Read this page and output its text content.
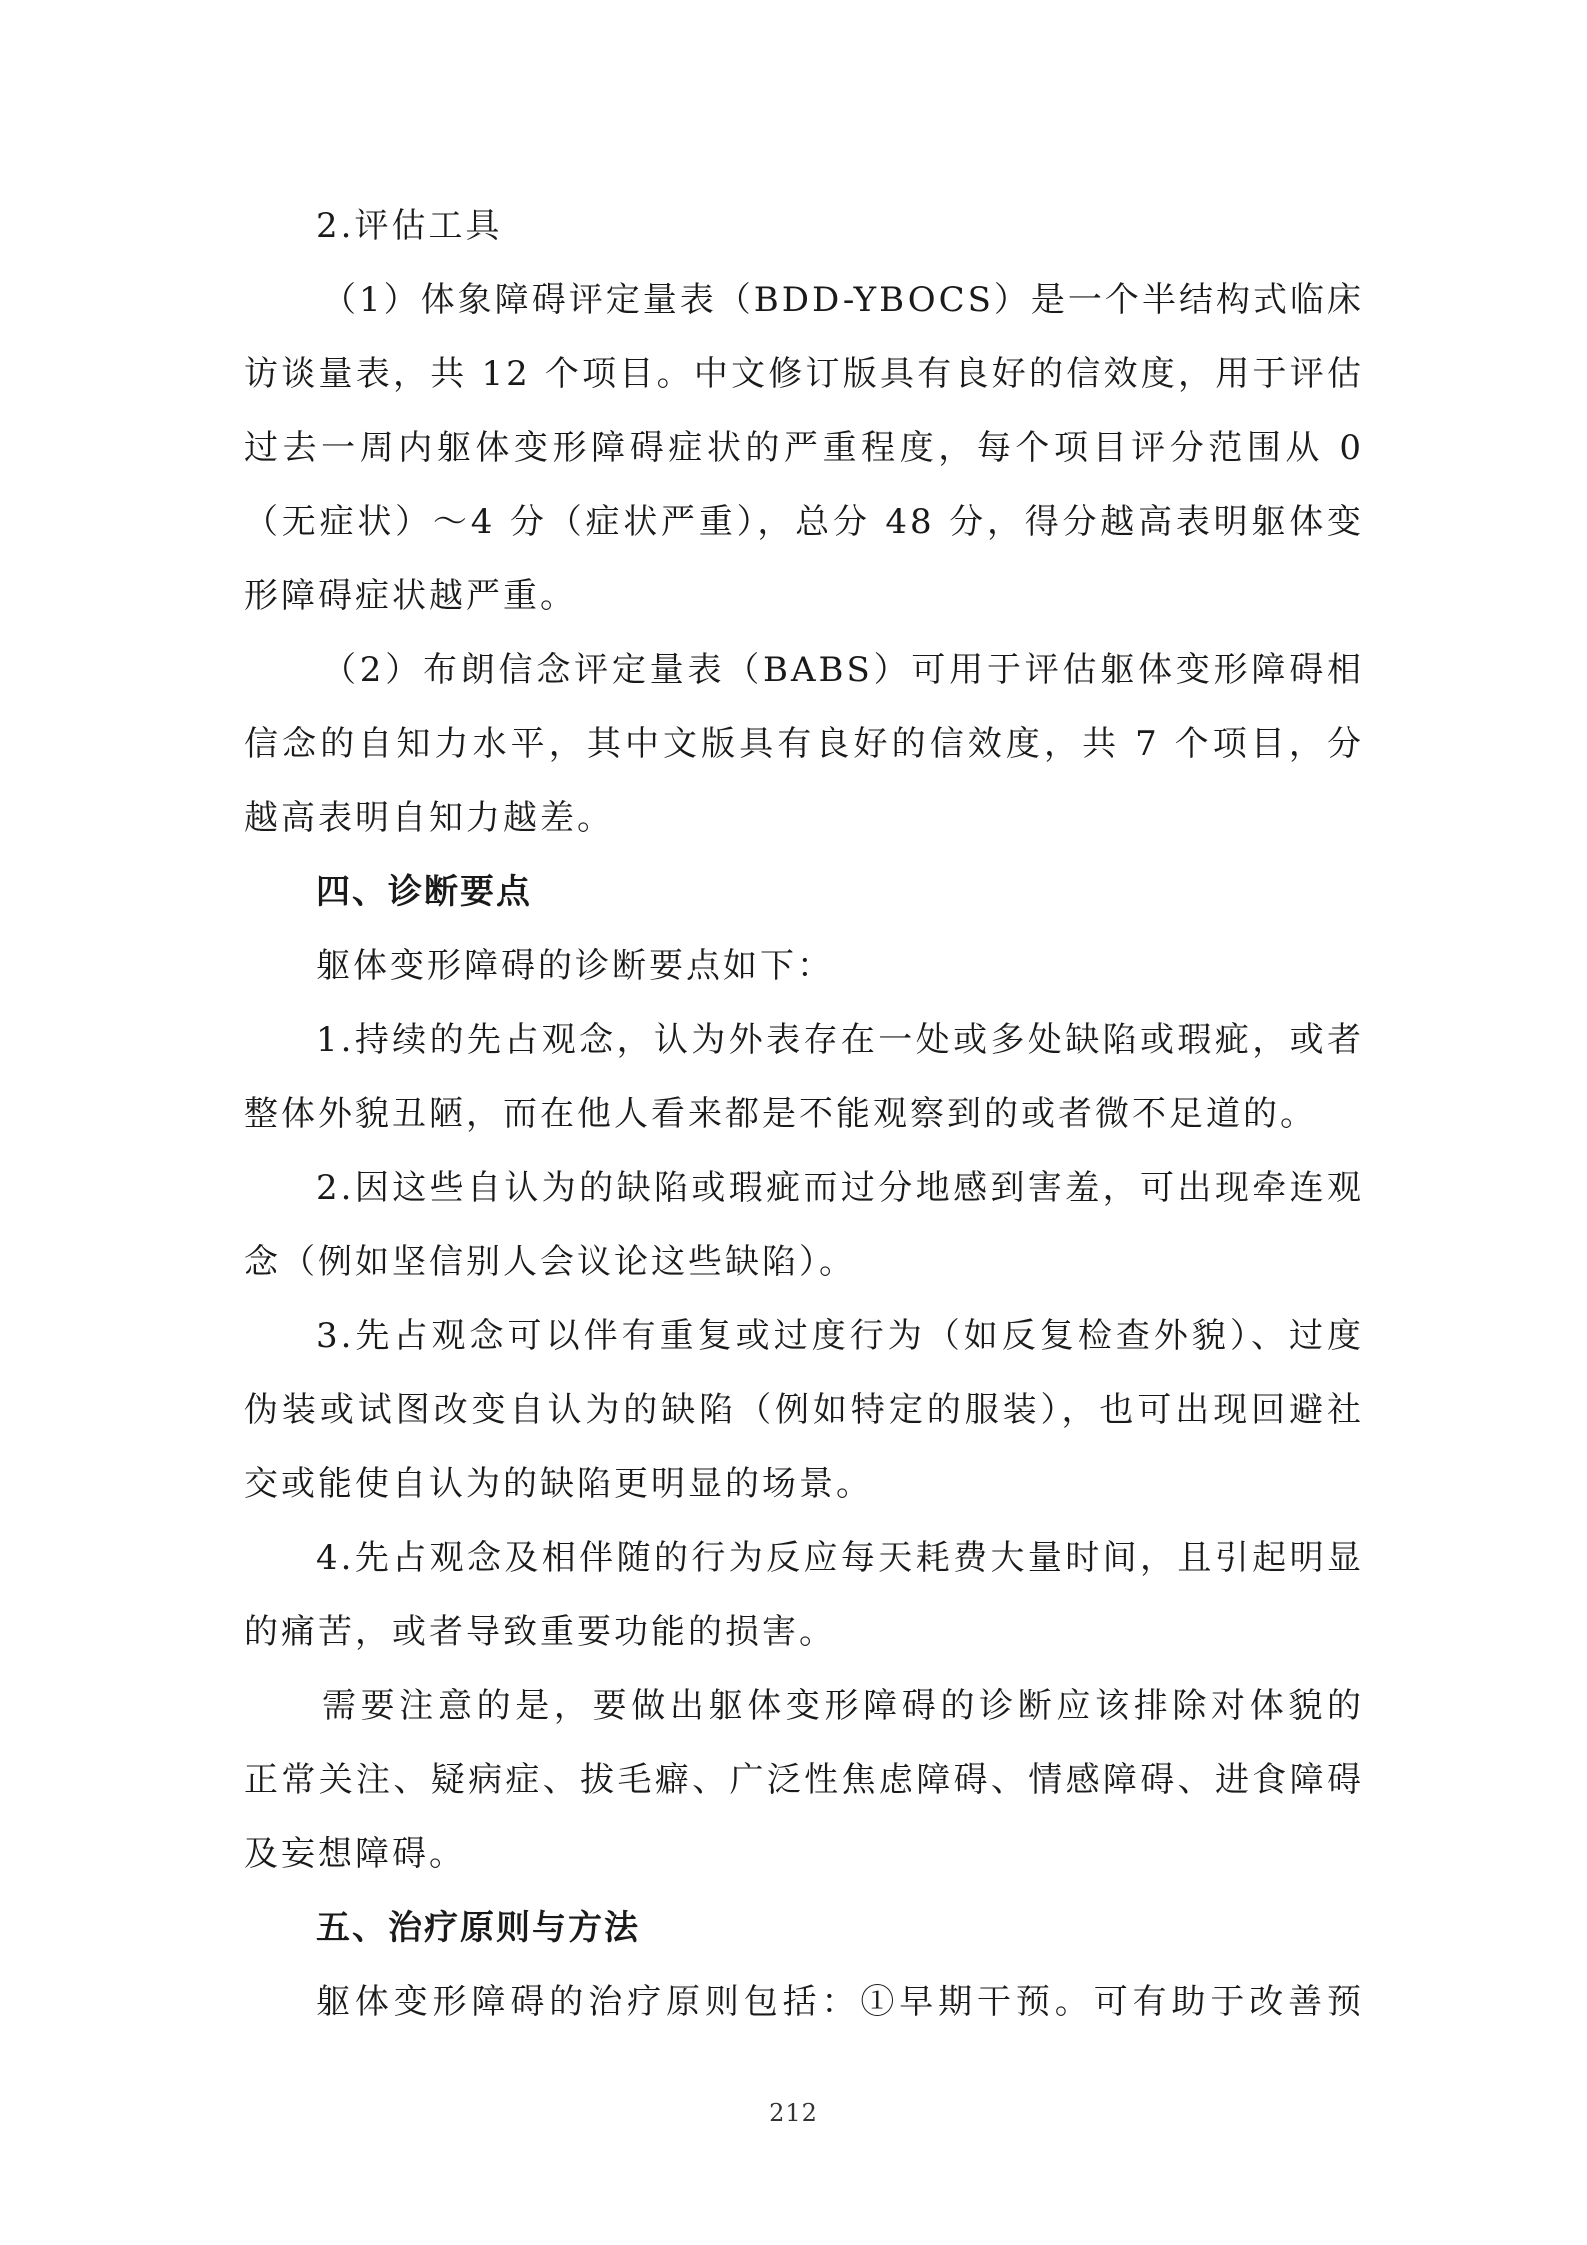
2.评估工具
（1）体象障碍评定量表（BDD-YBOCS）是一个半结构式临床
访谈量表，共 12 个项目。中文修订版具有良好的信效度，用于评估
过去一周内躯体变形障碍症状的严重程度，每个项目评分范围从 0
（无症状）～4 分（症状严重），总分 48 分，得分越高表明躯体变
形障碍症状越严重。
（2）布朗信念评定量表（BABS）可用于评估躯体变形障碍相
信念的自知力水平，其中文版具有良好的信效度，共 7 个项目，分
越高表明自知力越差。
四、诊断要点
躯体变形障碍的诊断要点如下：
1.持续的先占观念，认为外表存在一处或多处缺陷或瑕疵，或者
整体外貌丑陋，而在他人看来都是不能观察到的或者微不足道的。
2.因这些自认为的缺陷或瑕疵而过分地感到害羞，可出现牵连观
念（例如坚信别人会议论这些缺陷）。
3.先占观念可以伴有重复或过度行为（如反复检查外貌）、过度
伪装或试图改变自认为的缺陷（例如特定的服装），也可出现回避社
交或能使自认为的缺陷更明显的场景。
4.先占观念及相伴随的行为反应每天耗费大量时间，且引起明显
的痛苦，或者导致重要功能的损害。
需要注意的是，要做出躯体变形障碍的诊断应该排除对体貌的
正常关注、疑病症、拔毛癖、广泛性焦虑障碍、情感障碍、进食障碍
及妄想障碍。
五、治疗原则与方法
躯体变形障碍的治疗原则包括：①早期干预。可有助于改善预
212
